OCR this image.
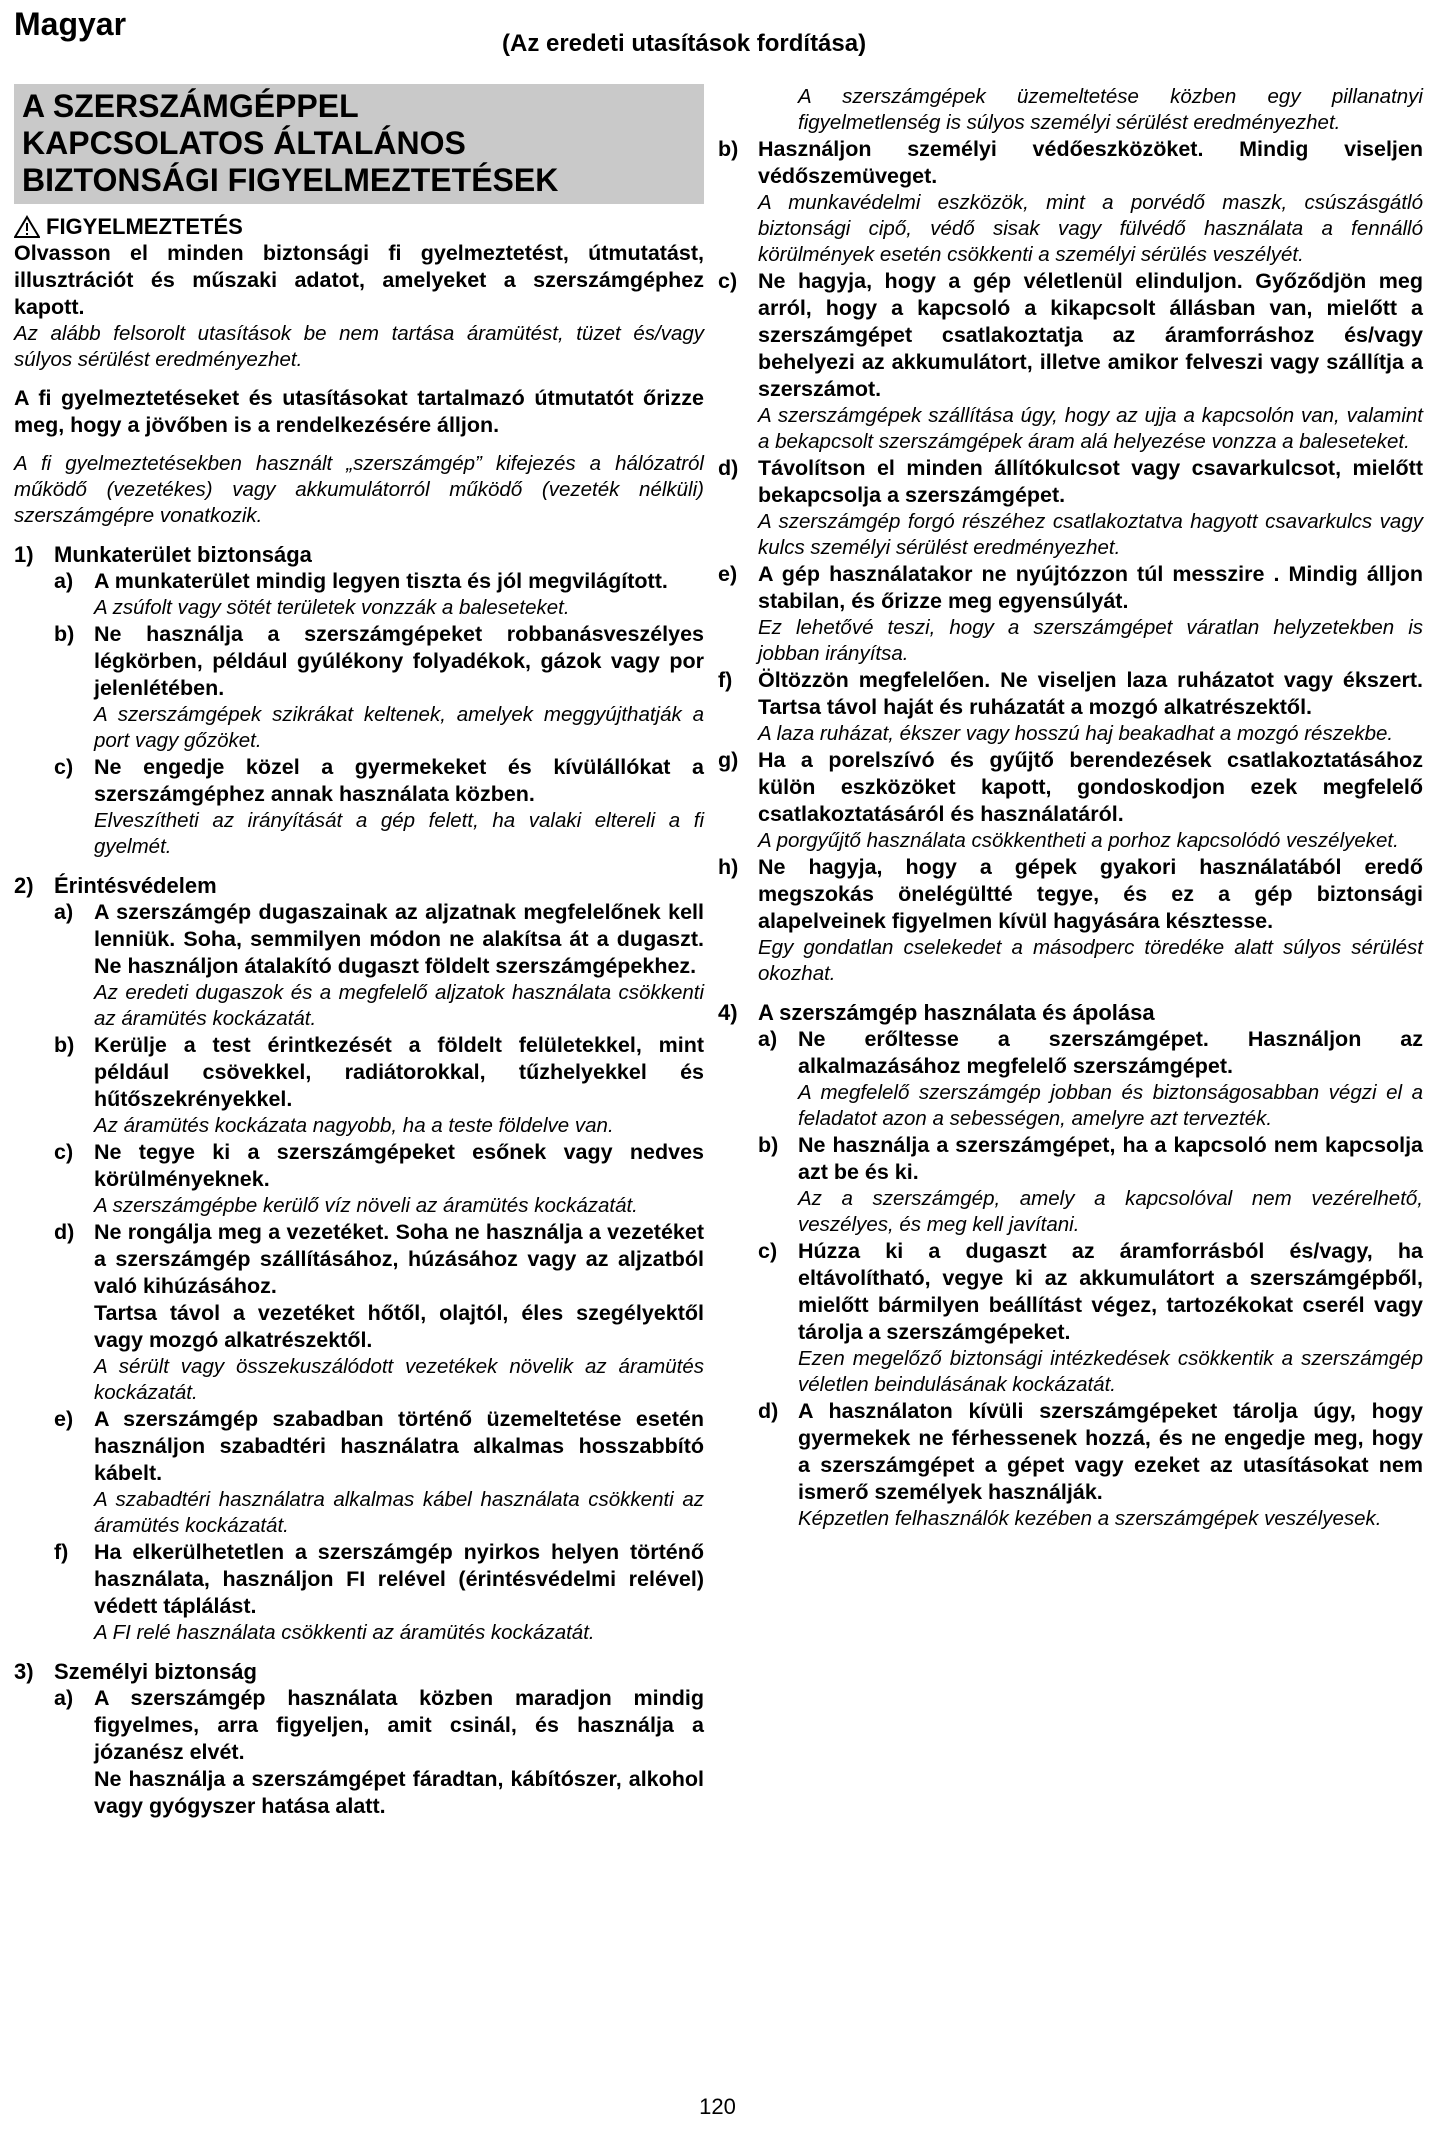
Magyar
(Az eredeti utasítások fordítása)
A SZERSZÁMGÉPPEL
KAPCSOLATOS ÁLTALÁNOS
BIZTONSÁGI FIGYELMEZTETÉSEK
FIGYELMEZTETÉS

Olvasson el minden biztonsági fi gyelmeztetést, útmutatást, illusztrációt és műszaki adatot, amelyeket a szerszámgéphez kapott.

Az alább felsorolt utasítások be nem tartása áramütést, tüzet és/vagy súlyos sérülést eredményezhet.

A fi gyelmeztetéseket és utasításokat tartalmazó útmutatót őrizze meg, hogy a jövőben is a rendelkezésére álljon.

A fi gyelmeztetésekben használt „szerszámgép” kifejezés a hálózatról működő (vezetékes) vagy akkumulátorról működő (vezeték nélküli) szerszámgépre vonatkozik.

1) Munkaterület biztonsága
a) A munkaterület mindig legyen tiszta és jól megvilágított.

A zsúfolt vagy sötét területek vonzzák a baleseteket.

b) Ne használja a szerszámgépeket robbanásveszélyes légkörben, például gyúlékony folyadékok, gázok vagy por jelenlétében.

A szerszámgépek szikrákat keltenek, amelyek meggyújthatják a port vagy gőzöket.

c) Ne engedje közel a gyermekeket és kívülállókat a szerszámgéphez annak használata közben.

Elveszítheti az irányítását a gép felett, ha valaki eltereli a fi gyelmét.

2) Érintésvédelem
a) A szerszámgép dugaszainak az aljzatnak megfelelőnek kell lenniük. Soha, semmilyen módon ne alakítsa át a dugaszt. Ne használjon átalakító dugaszt földelt szerszámgépekhez.

Az eredeti dugaszok és a megfelelő aljzatok használata csökkenti az áramütés kockázatát.

b) Kerülje a test érintkezését a földelt felületekkel, mint például csövekkel, radiátorokkal, tűzhelyekkel és hűtőszekrényekkel.

Az áramütés kockázata nagyobb, ha a teste földelve van.

c) Ne tegye ki a szerszámgépeket esőnek vagy nedves körülményeknek.

A szerszámgépbe kerülő víz növeli az áramütés kockázatát.

d) Ne rongálja meg a vezetéket. Soha ne használja a vezetéket a szerszámgép szállításához, húzásához vagy az aljzatból való kihúzásához.

Tartsa távol a vezetéket hőtől, olajtól, éles szegélyektől vagy mozgó alkatrészektől.

A sérült vagy összekuszálódott vezetékek növelik az áramütés kockázatát.

e) A szerszámgép szabadban történő üzemeltetése esetén használjon szabadtéri használatra alkalmas hosszabbító kábelt.

A szabadtéri használatra alkalmas kábel használata csökkenti az áramütés kockázatát.

f)	Ha elkerülhetetlen a szerszámgép nyirkos helyen történő használata, használjon FI relével (érintésvédelmi relével) védett táplálást.

A FI relé használata csökkenti az áramütés kockázatát.

3) Személyi biztonság
a) A szerszámgép használata közben maradjon mindig figyelmes, arra figyeljen, amit csinál, és használja a józanész elvét.

Ne használja a szerszámgépet fáradtan, kábítószer, alkohol vagy gyógyszer hatása alatt.

A szerszámgépek üzemeltetése közben egy pillanatnyi figyelmetlenség is súlyos személyi sérülést eredményezhet.

b) Használjon személyi védőeszközöket. Mindig viseljen védőszemüveget.

A munkavédelmi eszközök, mint a porvédő maszk, csúszásgátló biztonsági cipő, védő sisak vagy fülvédő használata a fennálló körülmények esetén csökkenti a személyi sérülés veszélyét.

c) Ne hagyja, hogy a gép véletlenül elinduljon. Győződjön meg arról, hogy a kapcsoló a kikapcsolt állásban van, mielőtt a szerszámgépet csatlakoztatja az áramforráshoz és/vagy behelyezi az akkumulátort, illetve amikor felveszi vagy szállítja a szerszámot.

A szerszámgépek szállítása úgy, hogy az ujja a kapcsolón van, valamint a bekapcsolt szerszámgépek áram alá helyezése vonzza a baleseteket.

d) Távolítson el minden állítókulcsot vagy csavarkulcsot, mielőtt bekapcsolja a szerszámgépet.

A szerszámgép forgó részéhez csatlakoztatva hagyott csavarkulcs vagy kulcs személyi sérülést eredményezhet.

e) A gép használatakor ne nyújtózzon túl messzire . Mindig álljon stabilan, és őrizze meg egyensúlyát.

Ez lehetővé teszi, hogy a szerszámgépet váratlan helyzetekben is jobban irányítsa.

f)	Öltözzön megfelelően. Ne viseljen laza ruházatot vagy ékszert. Tartsa távol haját és ruházatát a mozgó alkatrészektől.

A laza ruházat, ékszer vagy hosszú haj beakadhat a mozgó részekbe.

g) Ha a porelszívó és gyűjtő berendezések csatlakoztatásához külön eszközöket kapott, gondoskodjon ezek megfelelő csatlakoztatásáról és használatáról.

A porgyűjtő használata csökkentheti a porhoz kapcsolódó veszélyeket.

h) Ne hagyja, hogy a gépek gyakori használatából eredő megszokás önelégültté tegye, és ez a gép biztonsági alapelveinek figyelmen kívül hagyására késztesse.

Egy gondatlan cselekedet a másodperc töredéke alatt súlyos sérülést okozhat.

4) A szerszámgép használata és ápolása
a) Ne erőltesse a szerszámgépet. Használjon az alkalmazásához megfelelő szerszámgépet.

A megfelelő szerszámgép jobban és biztonságosabban végzi el a feladatot azon a sebességen, amelyre azt tervezték.

b) Ne használja a szerszámgépet, ha a kapcsoló nem kapcsolja azt be és ki.

Az a szerszámgép, amely a kapcsolóval nem vezérelhető, veszélyes, és meg kell javítani.

c) Húzza ki a dugaszt az áramforrásból és/vagy, ha eltávolítható, vegye ki az akkumulátort a szerszámgépből, mielőtt bármilyen beállítást végez, tartozékokat cserél vagy tárolja a szerszámgépeket.

Ezen megelőző biztonsági intézkedések csökkentik a szerszámgép véletlen beindulásának kockázatát.

d) A használaton kívüli szerszámgépeket tárolja úgy, hogy gyermekek ne férhessenek hozzá, és ne engedje meg, hogy a szerszámgépet a gépet vagy ezeket az utasításokat nem ismerő személyek használják.

Képzetlen felhasználók kezében a szerszámgépek veszélyesek.

120
